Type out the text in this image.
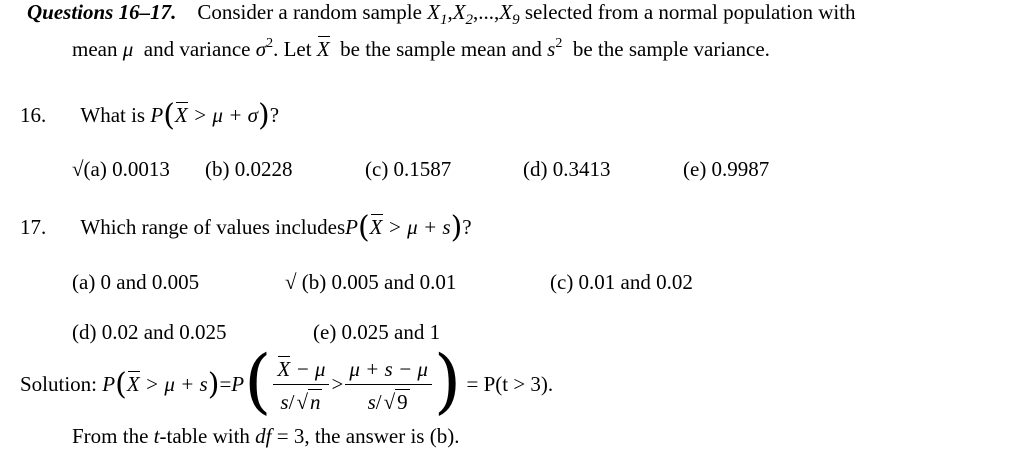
Questions 16–17. Consider a random sample $X_1,X_2,...,X_9$ selected from a normal population with
mean μ and variance $\sigma^2$. Let X be the sample mean and $s^2$ be the sample variance.
16. What is P(X > μ + σ)?
√(a) 0.0013 (b) 0.0228	(c) 0.1587	(d) 0.3413	(e) 0.9987
17. Which range of values includesP(X > μ + s)?
(a) 0 and 0.005	√ (b) 0.005 and 0.01	(c) 0.01 and 0.02
(d) 0.02 and 0.025	(e) 0.025 and 1
Solution: $P(X > \mu + s)=P( \frac{X - \mu}{s/√n} > \frac{\mu + s - \mu}{s/√9}$ ) = P(t > 3).
From the t-table with df = 3, the answer is (b).
